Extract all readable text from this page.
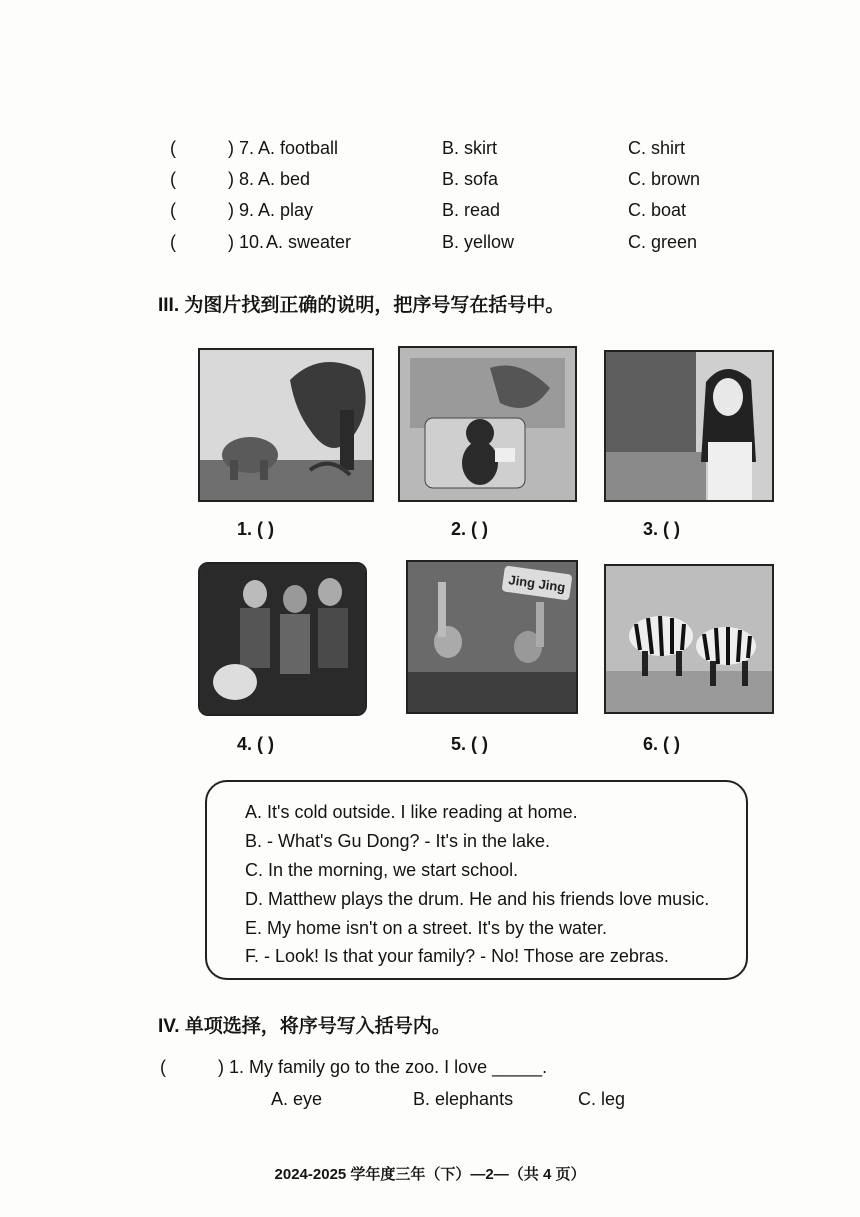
(	) 7. A. football	B. skirt	C. shirt
(	) 8. A. bed	B. sofa	C. brown
(	) 9. A. play	B. read	C. boat
(	) 10. A. sweater	B. yellow	C. green
III. 为图片找到正确的说明，把序号写在括号中。
1. ( )	2. ( )	3. ( )
Jing Jing
4. ( )	5. ( )	6. ( )
A. It's cold outside. I like reading at home.
B. - What's Gu Dong? - It's in the lake.
C. In the morning, we start school.
D. Matthew plays the drum. He and his friends love music.
E. My home isn't on a street. It's by the water.
F. - Look! Is that your family? - No! Those are zebras.
IV. 单项选择，将序号写入括号内。
(	) 1. My family go to the zoo. I love _____.
A. eye	B. elephants	C. leg
2024-2025 学年度三年（下）—2—（共 4 页）
